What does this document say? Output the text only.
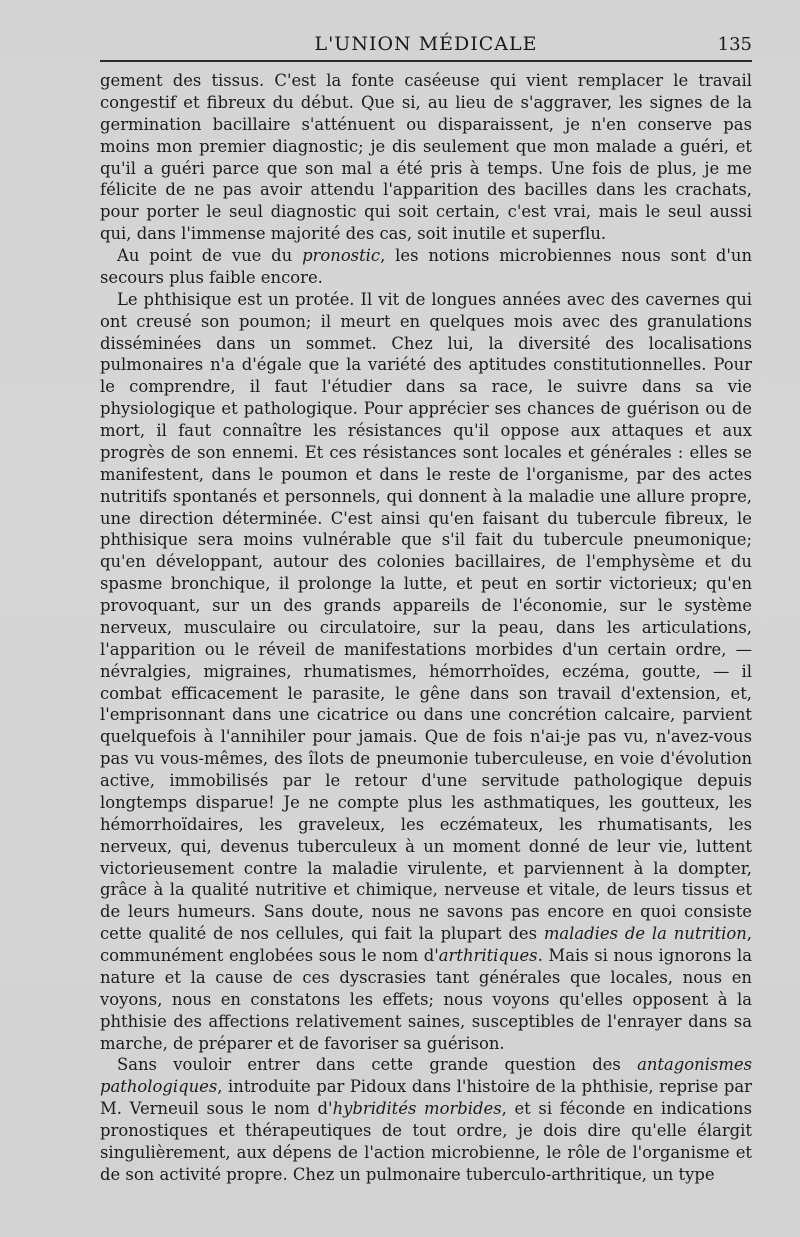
L'UNION MÉDICALE	135

gement des tissus. C'est la fonte caséeuse qui vient remplacer le travail congestif et fibreux du début. Que si, au lieu de s'aggraver, les signes de la germination bacillaire s'atténuent ou disparaissent, je n'en conserve pas moins mon premier diagnostic; je dis seulement que mon malade a guéri, et qu'il a guéri parce que son mal a été pris à temps. Une fois de plus, je me félicite de ne pas avoir attendu l'apparition des bacilles dans les crachats, pour porter le seul diagnostic qui soit certain, c'est vrai, mais le seul aussi qui, dans l'immense majorité des cas, soit inutile et superflu.

Au point de vue du pronostic, les notions microbiennes nous sont d'un secours plus faible encore.

Le phthisique est un protée. Il vit de longues années avec des cavernes qui ont creusé son poumon; il meurt en quelques mois avec des granulations disséminées dans un sommet. Chez lui, la diversité des localisations pulmonaires n'a d'égale que la variété des aptitudes constitutionnelles. Pour le comprendre, il faut l'étudier dans sa race, le suivre dans sa vie physiologique et pathologique. Pour apprécier ses chances de guérison ou de mort, il faut connaître les résistances qu'il oppose aux attaques et aux progrès de son ennemi. Et ces résistances sont locales et générales : elles se manifestent, dans le poumon et dans le reste de l'organisme, par des actes nutritifs spontanés et personnels, qui donnent à la maladie une allure propre, une direction déterminée. C'est ainsi qu'en faisant du tubercule fibreux, le phthisique sera moins vulnérable que s'il fait du tubercule pneumonique; qu'en développant, autour des colonies bacillaires, de l'emphysème et du spasme bronchique, il prolonge la lutte, et peut en sortir victorieux; qu'en provoquant, sur un des grands appareils de l'économie, sur le système nerveux, musculaire ou circulatoire, sur la peau, dans les articulations, l'apparition ou le réveil de manifestations morbides d'un certain ordre, — névralgies, migraines, rhumatismes, hémorrhoïdes, eczéma, goutte, — il combat efficacement le parasite, le gêne dans son travail d'extension, et, l'emprisonnant dans une cicatrice ou dans une concrétion calcaire, parvient quelquefois à l'annihiler pour jamais. Que de fois n'ai-je pas vu, n'avez-vous pas vu vous-mêmes, des îlots de pneumonie tuberculeuse, en voie d'évolution active, immobilisés par le retour d'une servitude pathologique depuis longtemps disparue! Je ne compte plus les asthmatiques, les goutteux, les hémorrhoïdaires, les graveleux, les eczémateux, les rhumatisants, les nerveux, qui, devenus tuberculeux à un moment donné de leur vie, luttent victorieusement contre la maladie virulente, et parviennent à la dompter, grâce à la qualité nutritive et chimique, nerveuse et vitale, de leurs tissus et de leurs humeurs. Sans doute, nous ne savons pas encore en quoi consiste cette qualité de nos cellules, qui fait la plupart des maladies de la nutrition, communément englobées sous le nom d'arthritiques. Mais si nous ignorons la nature et la cause de ces dyscrasies tant générales que locales, nous en voyons, nous en constatons les effets; nous voyons qu'elles opposent à la phthisie des affections relativement saines, susceptibles de l'enrayer dans sa marche, de préparer et de favoriser sa guérison.

Sans vouloir entrer dans cette grande question des antagonismes pathologiques, introduite par Pidoux dans l'histoire de la phthisie, reprise par M. Verneuil sous le nom d'hybridités morbides, et si féconde en indications pronostiques et thérapeutiques de tout ordre, je dois dire qu'elle élargit singulièrement, aux dépens de l'action microbienne, le rôle de l'organisme et de son activité propre. Chez un pulmonaire tuberculo-arthritique, un type
